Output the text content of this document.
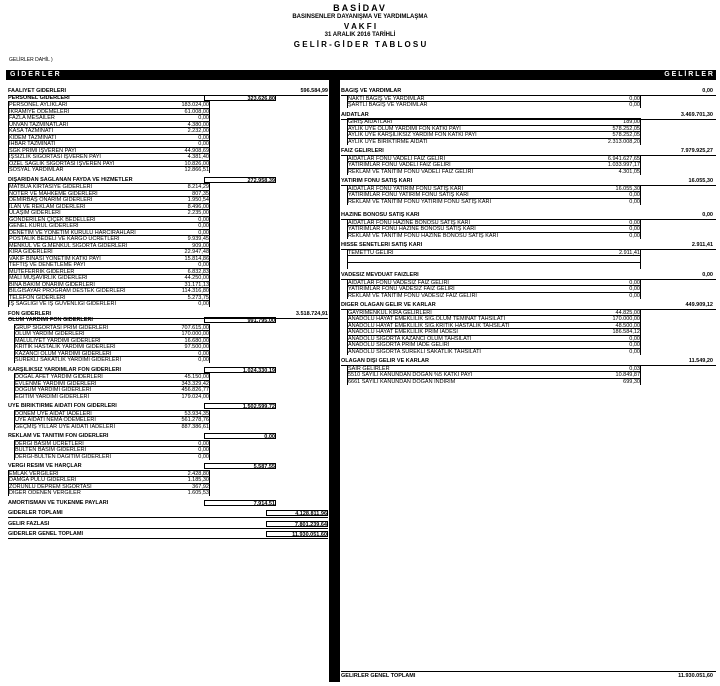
BASİDAV
BASINSENLER DAYANIŞMA VE YARDIMLAŞMA
V A K F I
31 ARALIK 2016 TARİHLİ
G E L İ R - G İ D E R   T A B L O S U
GELİRLER DAHİL )
G İ D E R L E R	G E L İ R L E R
FAALİYET GİDERLERİ	596.584,99
PERSONEL GİDERLERİ	323.626,80
PERSONEL AYLIKLARI	183.024,00
İKRAMİYE ÖDEMELERİ	61.008,00
FAZLA MESAİLER	0,00
UNVAN TAZMİNATLARI	4.380,00
KASA TAZMİNATI	2.232,00
KIDEM TAZMİNATI	0,00
İHBAR TAZMİNATI	0,00
SGK PRİMİ İŞVEREN PAYI	44.908,69
İŞSİZLİK SİGORTASI İŞVEREN PAYI	4.381,40
ÖZEL SAĞLIK SİGORTASI İŞVEREN PAYI	10.826,00
SOSYAL YARDIMLAR	12.866,51
DIŞARIDAN SAĞLANAN FAYDA VE HİZMETLER	272.958,39
MATBUA KIRTASİYE GİDERLERİ	8.214,29
NOTER VE MAHKEME GİDERLERİ	807,35
DEMİRBAŞ ONARIM GİDERLERİ	1.950,54
İLAN VE REKLAM GİDERLERİ	8.496,00
ULAŞIM GİDERLERİ	2.235,00
GÖNDERİLEN ÇİÇEK BEDELLERİ	0,00
GENEL KURUL GİDERLERİ	0,00
DENETİM VE YÖNETİM KURULU HARCIRAHLARI	0,00
POSTALIK BEDELİ VE KARGO ÜCRETLERİ	9.939,45
MENKUL VE G.MENKUL SİGORTA GİDERLERİ	909,00
KİRA GİDERLERİ	22.947,48
VAKIF BİNASI YÖNETİM KATKI PAYI	15.814,86
TEFTİŞ VE DENETLEME PAYI	0,00
MÜTEFERRİK GİDERLER	6.832,83
MALİ MÜŞAVİRLİK GİDERLERİ	44.250,00
BİNA BAKIM ONARIM GİDERLERİ	31.171,13
BİLGİSAYAR PROGRAM DESTEK GİDERLERİ	114.316,80
TELEFON GİDERLERİ	5.273,75
İŞ SAĞLIĞI VE İŞ GÜVENLİĞİ GİDERLERİ	0,00
FON GİDERLERİ	3.518.724,91
ÖLÜM YARDIMI FON GİDERLERİ	991.795,00
GRUP SİGORTASI PRİM GİDERLERİ	707.615,00
ÖLÜM YARDIM GİDERLERİ	170.000,00
MALULİYET YARDIMI GİDERLERİ	16.680,00
KRİTİK HASTALIK YARDIMI GİDERLERİ	97.500,00
KAZANCI ÖLÜM YARDIMI GİDERLERİ	0,00
SÜREKLİ SAKATLIK YARDIMI GİDERLERİ	0,00
KARŞILIKSIZ YARDIMLAR FON GİDERLERİ	1.024.330,19
DOĞAL AFET YARDIM GİDERLERİ	45.150,00
EVLENME YARDIMI GİDERLERİ	343.329,42
DOĞUM YARDIMI GİDERLERİ	456.826,77
EĞİTİM YARDIMI GİDERLERİ	179.024,00
ÜYE BİRİKTİRME AİDATI FON GİDERLERİ	1.502.599,72
DÖNEM ÜYE AİDAT İADELERİ	53.934,35
ÜYE AİDATI NEMA ÖDEMELERİ	561.278,76
GEÇMİŞ YILLAR ÜYE AİDATI İADELERİ	887.386,61
REKLAM VE TANITIM FON GİDERLERİ	0,00
DERGİ BASIM ÜCRETLERİ	0,00
BÜLTEN BASIM GİDERLERİ	0,00
DERGİ-BÜLTEN DAĞITIM GİDERLERİ	0,00
VERGİ RESİM VE HARÇLAR	5.587,55
EMLAK VERGİLERİ	2.428,80
DAMGA PULU GİDERLERİ	1.185,30
ZORUNLU DEPREM SİGORTASI	367,92
DİĞER ÖDENEN VERGİLER	1.605,53
AMORTİSMAN VE TÜKENME PAYLARI	7.914,51
GİDERLER TOPLAMI	4.128.811,96
GELİR FAZLASI	7.801.239,64
GİDERLER GENEL TOPLAMI	11.930.051,60
BAĞIŞ VE YARDIMLAR	0,00
NAKTİ BAĞIŞ VE YARDIMLAR	0,00
ŞARTLI BAĞIŞ VE YARDIMLAR	0,00
AİDATLAR	3.469.701,30
GİRİŞ AİDATLARI	189,00
AYLIK ÜYE ÖLÜM YARDIMI FON KATKI PAYI	578.252,05
AYLIK ÜYE KARŞILIKSIZ YARDIM FON KATKI PAYI	578.252,05
AYLIK ÜYE BİRİKTİRME AİDATI	2.313.008,20
FAİZ GELİRLERİ	7.979.925,27
AİDATLAR FONU VADELİ FAİZ GELİRİ	6.941.627,65
YATIRIMLAR FONU VADELİ FAİZ GELİRİ	1.033.997,17
REKLAM VE TANITIM FONU VADELİ FAİZ GELİRİ	4.301,05
YATIRIM FONU SATIŞ KARI	16.055,30
AİDATLAR FONU YATIRIM FONU SATIŞ KARI	16.055,30
YATIRIMLAR FONU YATIRIM FONU SATIŞ KARI	0,00
REKLAM VE TANITIM FONU YATIRIM FONU SATIŞ KARI	0,00
HAZİNE BONOSU SATIŞ KARI	0,00
AİDATLAR FONU HAZİNE BONOSU SATIŞ KARI	0,00
YATIRIMLAR FONU HAZİNE BONOSU SATIŞ KARI	0,00
REKLAM VE TANITIM FONU HAZİNE BONOSU SATIŞ KARI	0,00
HİSSE SENETLERİ SATIŞ KARI	2.911,41
TEMETTÜ GELİRİ	2.911,41
VADESİZ MEVDUAT FAİZLERİ	0,00
AİDATLAR FONU VADESİZ FAİZ GELİRİ	0,00
YATIRIMLAR FONU VADESİZ FAİZ GELİRİ	0,00
REKLAM VE TANITIM FONU VADESİZ FAİZ GELİRİ	0,00
DİĞER OLAĞAN GELİR VE KARLAR	449.909,12
GAYRİMENKUL KİRA GELİRLERİ	44.825,00
ANADOLU HAYAT EMEKLİLİK SİG.ÖLÜM TEMİNAT TAHSİLATI	170.000,00
ANADOLU HAYAT EMEKLİLİK SİG.KRİTİK HASTALIK TAHSİLATI	48.500,00
ANADOLU HAYAT EMEKLİLİK PRİM İADESİ	186.584,12
ANADOLU SİGORTA KAZANCI ÖLÜM TAHSİLATI	0,00
ANADOLU SİGORTA PRİM İADE GELİRİ	0,00
ANADOLU SİGORTA SÜREKLİ SAKATLIK TAHSİLATI	0,00
OLAĞAN DIŞI GELİR VE KARLAR	11.549,20
SAİR GELİRLER	0,03
5510 SAYILI KANUNDAN DOĞAN %5 KATKI PAYI	10.849,87
6661 SAYILI KANUNDAN DOĞAN İNDİRİM	699,30
GELİRLER GENEL TOPLAMI	11.930.051,60
